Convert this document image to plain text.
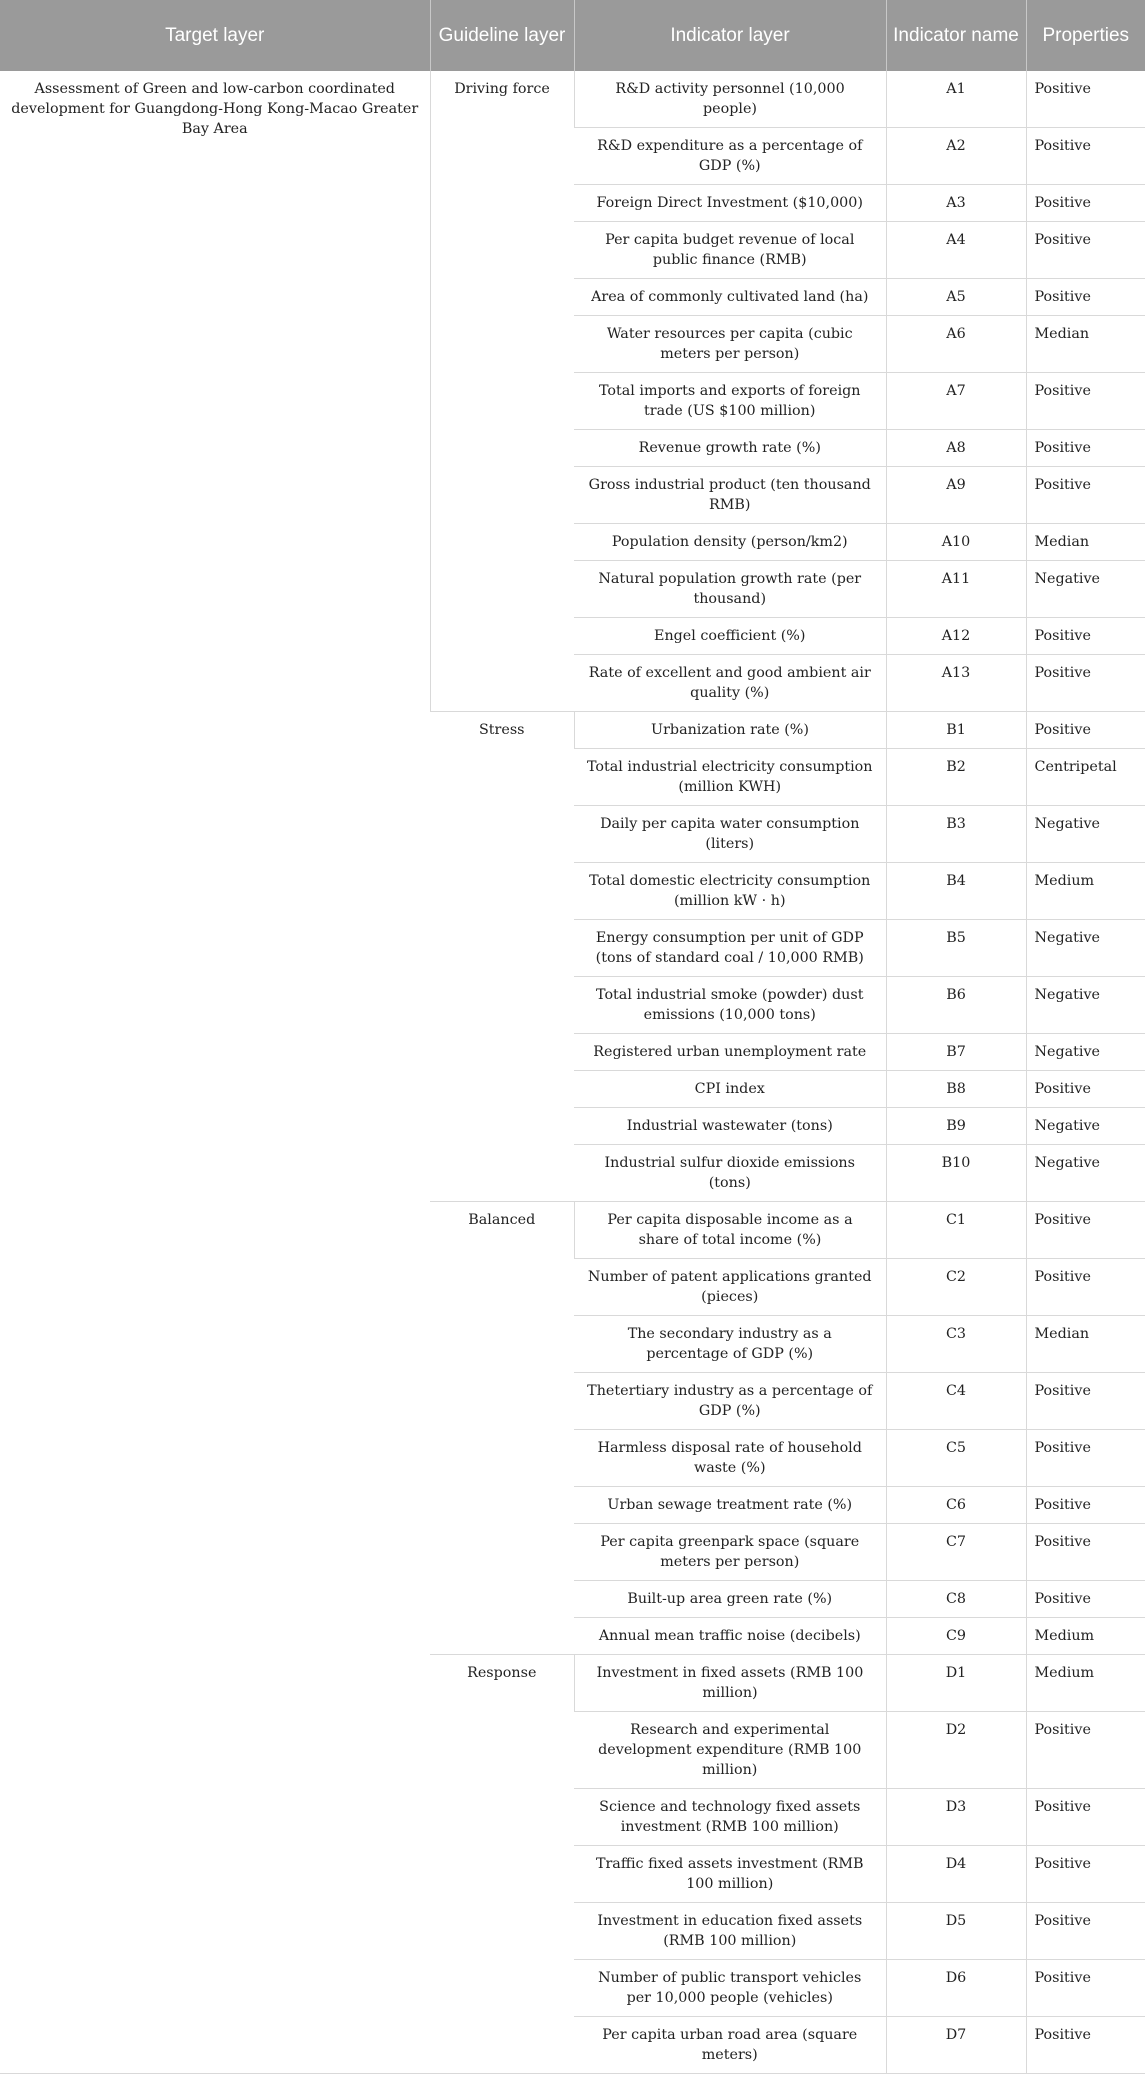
Target layer	Guideline layer	Indicator layer	Indicator name	Properties
Assessment of Green and low-carbon coordinated development for Guangdong-Hong Kong-Macao Greater Bay Area	Driving force	R&D activity personnel (10,000 people)	A1	Positive
		R&D expenditure as a percentage of GDP (%)	A2	Positive
		Foreign Direct Investment ($10,000)	A3	Positive
		Per capita budget revenue of local public finance (RMB)	A4	Positive
		Area of commonly cultivated land (ha)	A5	Positive
		Water resources per capita (cubic meters per person)	A6	Median
		Total imports and exports of foreign trade (US $100 million)	A7	Positive
		Revenue growth rate (%)	A8	Positive
		Gross industrial product (ten thousand RMB)	A9	Positive
		Population density (person/km2)	A10	Median
		Natural population growth rate (per thousand)	A11	Negative
		Engel coefficient (%)	A12	Positive
		Rate of excellent and good ambient air quality (%)	A13	Positive
	Stress	Urbanization rate (%)	B1	Positive
		Total industrial electricity consumption (million KWH)	B2	Centripetal
		Daily per capita water consumption (liters)	B3	Negative
		Total domestic electricity consumption (million kW · h)	B4	Medium
		Energy consumption per unit of GDP (tons of standard coal / 10,000 RMB)	B5	Negative
		Total industrial smoke (powder) dust emissions (10,000 tons)	B6	Negative
		Registered urban unemployment rate	B7	Negative
		CPI index	B8	Positive
		Industrial wastewater (tons)	B9	Negative
		Industrial sulfur dioxide emissions (tons)	B10	Negative
	Balanced	Per capita disposable income as a share of total income (%)	C1	Positive
		Number of patent applications granted (pieces)	C2	Positive
		The secondary industry as a percentage of GDP (%)	C3	Median
		Thetertiary industry as a percentage of GDP (%)	C4	Positive
		Harmless disposal rate of household waste (%)	C5	Positive
		Urban sewage treatment rate (%)	C6	Positive
		Per capita greenpark space (square meters per person)	C7	Positive
		Built-up area green rate (%)	C8	Positive
		Annual mean traffic noise (decibels)	C9	Medium
	Response	Investment in fixed assets (RMB 100 million)	D1	Medium
		Research and experimental development expenditure (RMB 100 million)	D2	Positive
		Science and technology fixed assets investment (RMB 100 million)	D3	Positive
		Traffic fixed assets investment (RMB 100 million)	D4	Positive
		Investment in education fixed assets (RMB 100 million)	D5	Positive
		Number of public transport vehicles per 10,000 people (vehicles)	D6	Positive
		Per capita urban road area (square meters)	D7	Positive
